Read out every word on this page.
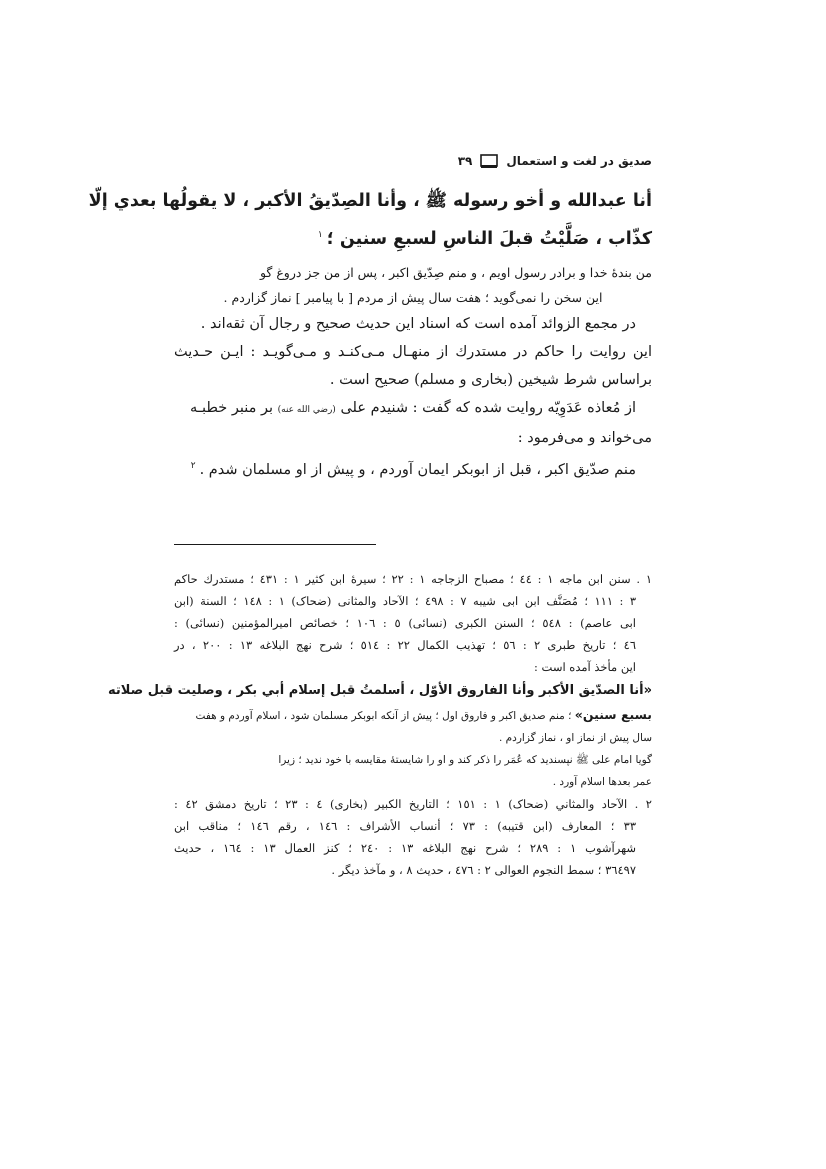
صديق در لغت و استعمال
۳۹
أنا عبدالله و أخو رسوله ﷺ ، وأنا الصِدّيقُ الأكبر ، لا يقولُها بعدي إلّا
كذّاب ، صَلَّيْتُ قبلَ الناسِ لسبعِ سنين ؛$^۱$
من بندهٔ خدا و برادر رسول اويم ، و منم صِدّيق اكبر ، پس از من جز دروغ گو
اين سخن را نمى‌گويد ؛ هفت سال پيش از مردم [ با پيامبر ] نماز گزاردم .
در مجمع الزوائد آمده است كه اسناد اين حديث صحيح و رجال آن ثقه‌اند .
اين روايت را حاكم در مستدرك از منهـال مـى‌كنـد و مـى‌گويـد : ايـن حـديث
براساس شرط شيخين (بخارى و مسلم) صحيح است .
از مُعاذه عَدَوِيّه روايت شده كه گفت : شنيدم على (رضي الله عنه) بر منبر خطبـه
مى‌خواند و مى‌فرمود :
منم صدّيق اكبر ، قبل از ابوبكر ايمان آوردم ، و پيش از او مسلمان شدم .$^۲$
۱ . سنن ابن ماجه ۱ : ٤٤ ؛ مصباح الزجاجه ۱ : ۲۲ ؛ سيرهٔ ابن كثير ۱ : ٤۳۱ ؛ مستدرك حاكم
۳ : ۱۱۱ ؛ مُصَنَّف ابن ابى شيبه ۷ : ٤۹۸ ؛ الآحاد والمثانى (ضحاک) ۱ : ۱٤۸ ؛ السنة (ابن
ابى عاصم) : ٥٤۸ ؛ السنن الكبرى (نسائى) ٥ : ۱۰٦ ؛ خصائص اميرالمؤمنين (نسائى) :
٤٦ ؛ تاريخ طبرى ۲ : ٥٦ ؛ تهذيب الكمال ۲۲ : ٥۱٤ ؛ شرح نهج البلاغه ۱۳ : ۲۰۰ ، در
اين مأخذ آمده است :
«أنا الصدّيق الأكبر وأنا الفاروق الأوّل ، أسلمتُ قبل إسلام أبي بكر ، وصليت قبل صلاته
بسبع سنين» ؛ منم صديق اكبر و فاروق اول ؛ پيش از آنكه ابوبكر مسلمان شود ، اسلام آوردم و هفت
سال پيش از نماز او ، نماز گزاردم .
گويا امام على ﷺ نپسنديد كه عُمَر را ذكر كند و او را شايستهٔ مقايسه با خود نديد ؛ زيرا
عمر بعدها اسلام آورد .
۲ . الآحاد والمثاني (ضحاک) ۱ : ۱٥۱ ؛ التاريخ الكبير (بخارى) ٤ : ۲۳ ؛ تاريخ دمشق ٤۲ :
۳۳ ؛ المعارف (ابن قتيبه) : ۷۳ ؛ أنساب الأشراف : ۱٤٦ ، رقم ۱٤٦ ؛ مناقب ابن
شهرآشوب ۱ : ۲۸۹ ؛ شرح نهج البلاغه ۱۳ : ۲٤۰ ؛ كنز العمال ۱۳ : ۱٦٤ ، حديث
۳٦٤۹۷ ؛ سمط النجوم العوالى ۲ : ٤۷٦ ، حديث ۸ ، و مآخذ ديگر .
